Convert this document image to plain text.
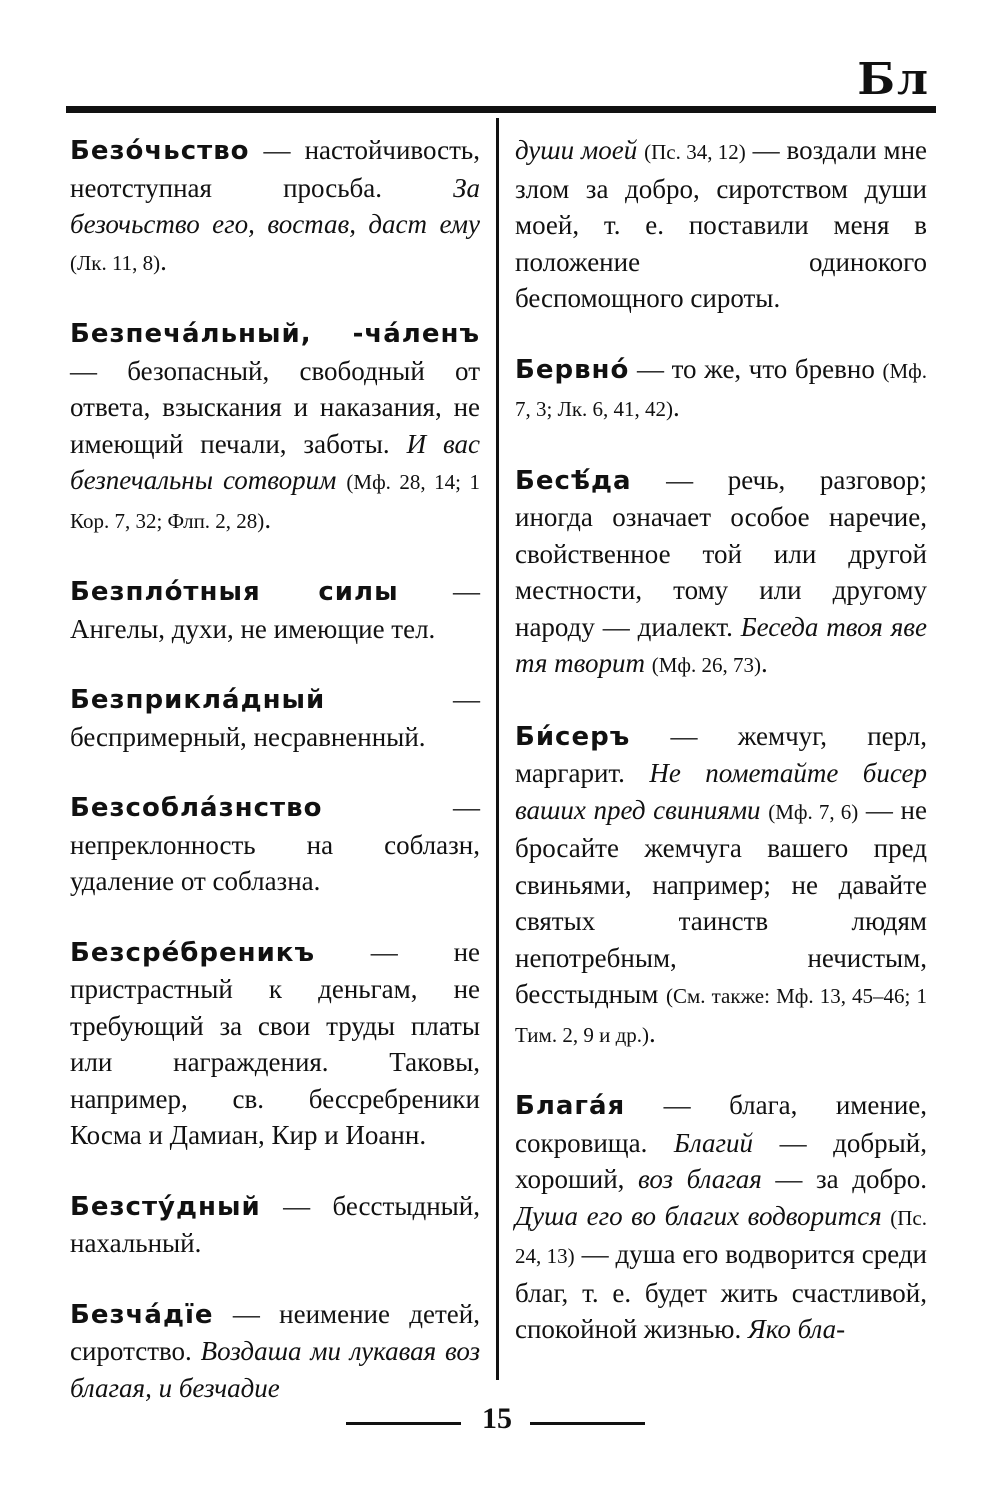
Бл

Безо́чьство — настойчивость, неотступная просьба. За безочьство его, востав, даст ему (Лк. 11, 8).

Безпеча́льный, -ча́ленъ — безопасный, свободный от ответа, взыскания и наказания, не имеющий печали, заботы. И вас безпечальны сотворим (Мф. 28, 14; 1 Кор. 7, 32; Флп. 2, 28).

Безпло́тныя силы — Ангелы, духи, не имеющие тел.

Безприкла́дный — беспримерный, несравненный.

Безсобла́знство — непреклонность на соблазн, удаление от соблазна.

Безсре́бреникъ — не пристрастный к деньгам, не требующий за свои труды платы или награждения. Таковы, например, св. бессребреники Косма и Дамиан, Кир и Иоанн.

Безсту́дный — бесстыдный, нахальный.

Безча́дїе — неимение детей, сиротство. Воздаша ми лукавая воз благая, и безчадие

души моей (Пс. 34, 12) — воздали мне злом за добро, сиротством души моей, т. е. поставили меня в положение одинокого беспомощного сироты.

Бервно́ — то же, что бревно (Мф. 7, 3; Лк. 6, 41, 42).

Бесѣ́да — речь, разговор; иногда означает особое наречие, свойственное той или другой местности, тому или другому народу — диалект. Беседа твоя яве тя творит (Мф. 26, 73).

Би́серъ — жемчуг, перл, маргарит. Не пометайте бисер ваших пред свиниями (Мф. 7, 6) — не бросайте жемчуга вашего пред свиньями, например; не давайте святых таинств людям непотребным, нечистым, бесстыдным (См. также: Мф. 13, 45–46; 1 Тим. 2, 9 и др.).

Блага́я — блага, имение, сокровища. Благий — добрый, хороший, воз благая — за добро. Душа его во благих водворится (Пс. 24, 13) — душа его водворится среди благ, т. е. будет жить счастливой, спокойной жизнью. Яко бла-

15
